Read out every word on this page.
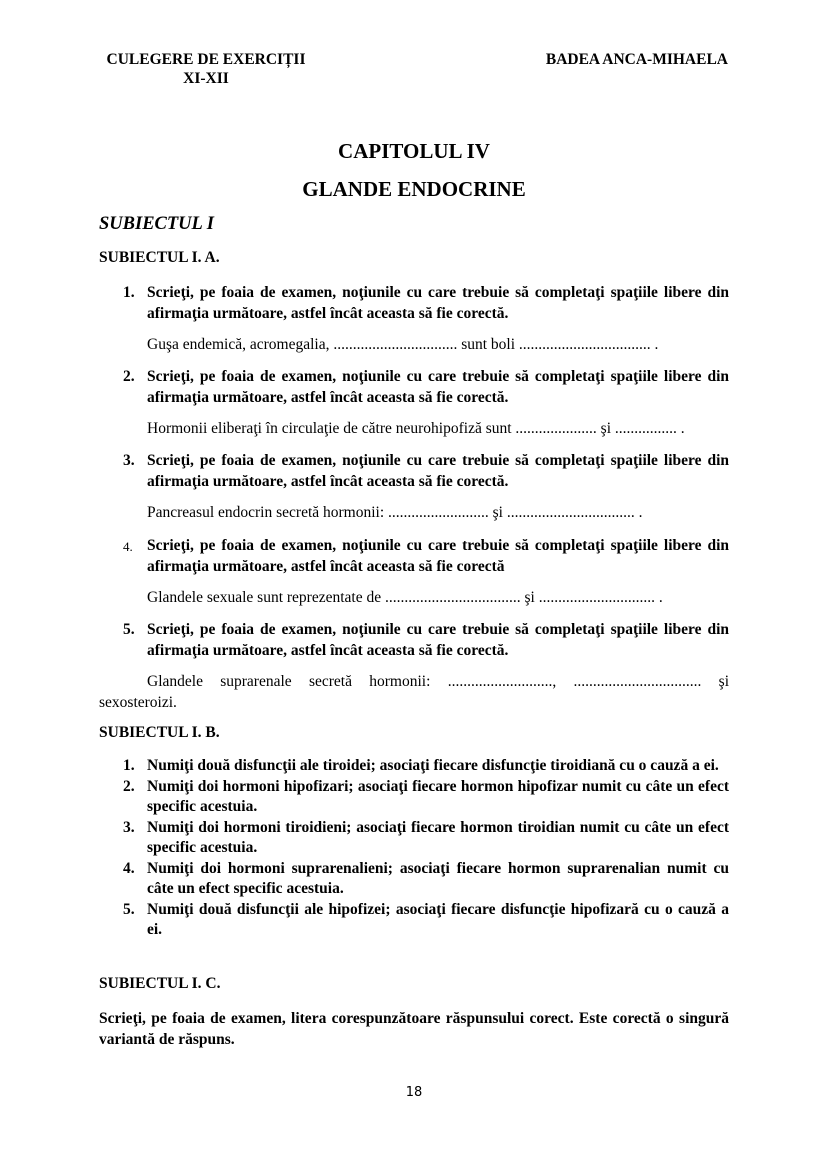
CULEGERE DE EXERCIȚII
XI-XII
BADEA ANCA-MIHAELA
CAPITOLUL IV
GLANDE ENDOCRINE
SUBIECTUL I
SUBIECTUL I. A.
1. Scrieţi, pe foaia de examen, noţiunile cu care trebuie să completaţi spaţiile libere din afirmaţia următoare, astfel încât aceasta să fie corectă.
Guşa endemică, acromegalia, ................................ sunt boli .................................. .
2. Scrieţi, pe foaia de examen, noţiunile cu care trebuie să completaţi spaţiile libere din afirmaţia următoare, astfel încât aceasta să fie corectă.
Hormonii eliberaţi în circulaţie de către neurohipofiză sunt ..................... şi ................ .
3. Scrieţi, pe foaia de examen, noţiunile cu care trebuie să completaţi spaţiile libere din afirmaţia următoare, astfel încât aceasta să fie corectă.
Pancreasul endocrin secretă hormonii: .......................... şi ................................. .
4. Scrieţi, pe foaia de examen, noţiunile cu care trebuie să completaţi spaţiile libere din afirmaţia următoare, astfel încât aceasta să fie corectă
Glandele sexuale sunt reprezentate de ................................... şi .............................. .
5. Scrieţi, pe foaia de examen, noţiunile cu care trebuie să completaţi spaţiile libere din afirmaţia următoare, astfel încât aceasta să fie corectă.
Glandele suprarenale secretă hormonii: ..........................., ................................. şi
sexosteroizi.
SUBIECTUL I. B.
1. Numiţi două disfuncţii ale tiroidei; asociaţi fiecare disfuncţie tiroidiană cu o cauză a ei.
2. Numiţi doi hormoni hipofizari; asociaţi fiecare hormon hipofizar numit cu câte un efect specific acestuia.
3. Numiţi doi hormoni tiroidieni; asociaţi fiecare hormon tiroidian numit cu câte un efect specific acestuia.
4. Numiţi doi hormoni suprarenalieni; asociaţi fiecare hormon suprarenalian numit cu câte un efect specific acestuia.
5. Numiţi două disfuncţii ale hipofizei; asociaţi fiecare disfuncţie hipofizară cu o cauză a ei.
SUBIECTUL I. C.
Scrieţi, pe foaia de examen, litera corespunzătoare răspunsului corect. Este corectă o singură variantă de răspuns.
18
